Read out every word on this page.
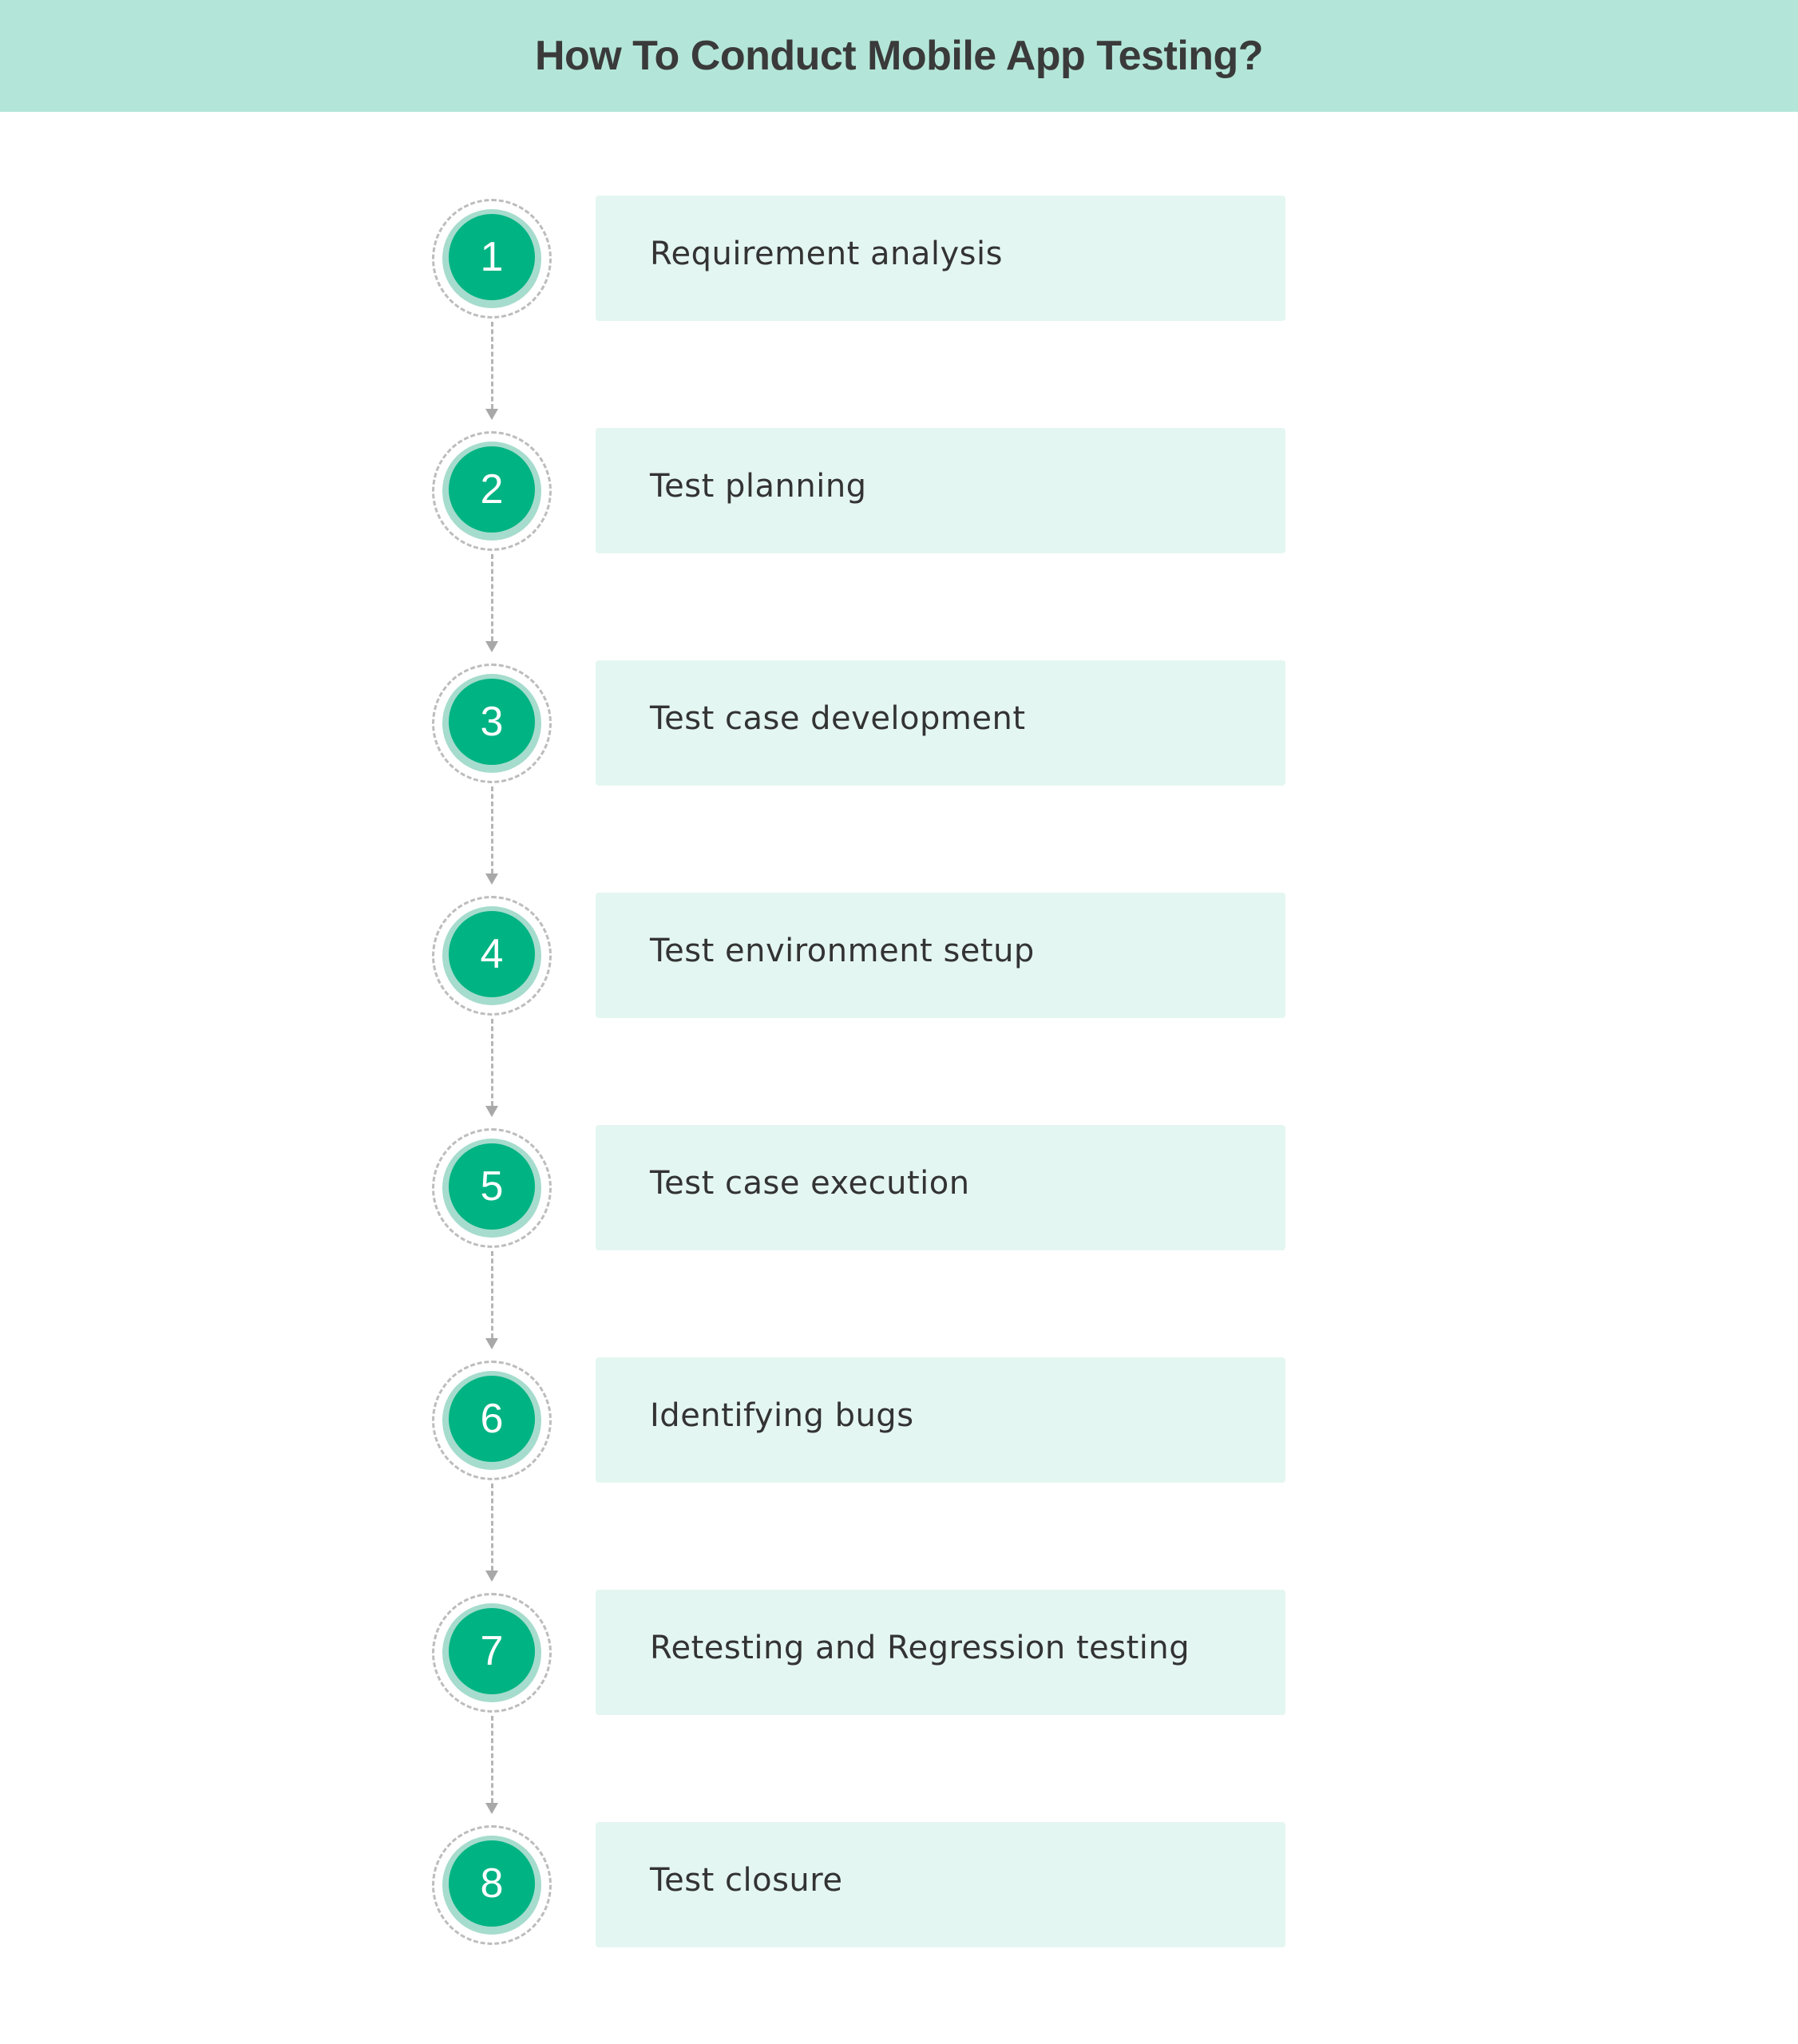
How To Conduct Mobile App Testing?
1	Requirement analysis
2	Test planning
3	Test case development
4	Test environment setup
5	Test case execution
6	Identifying bugs
7	Retesting and Regression testing
8	Test closure
